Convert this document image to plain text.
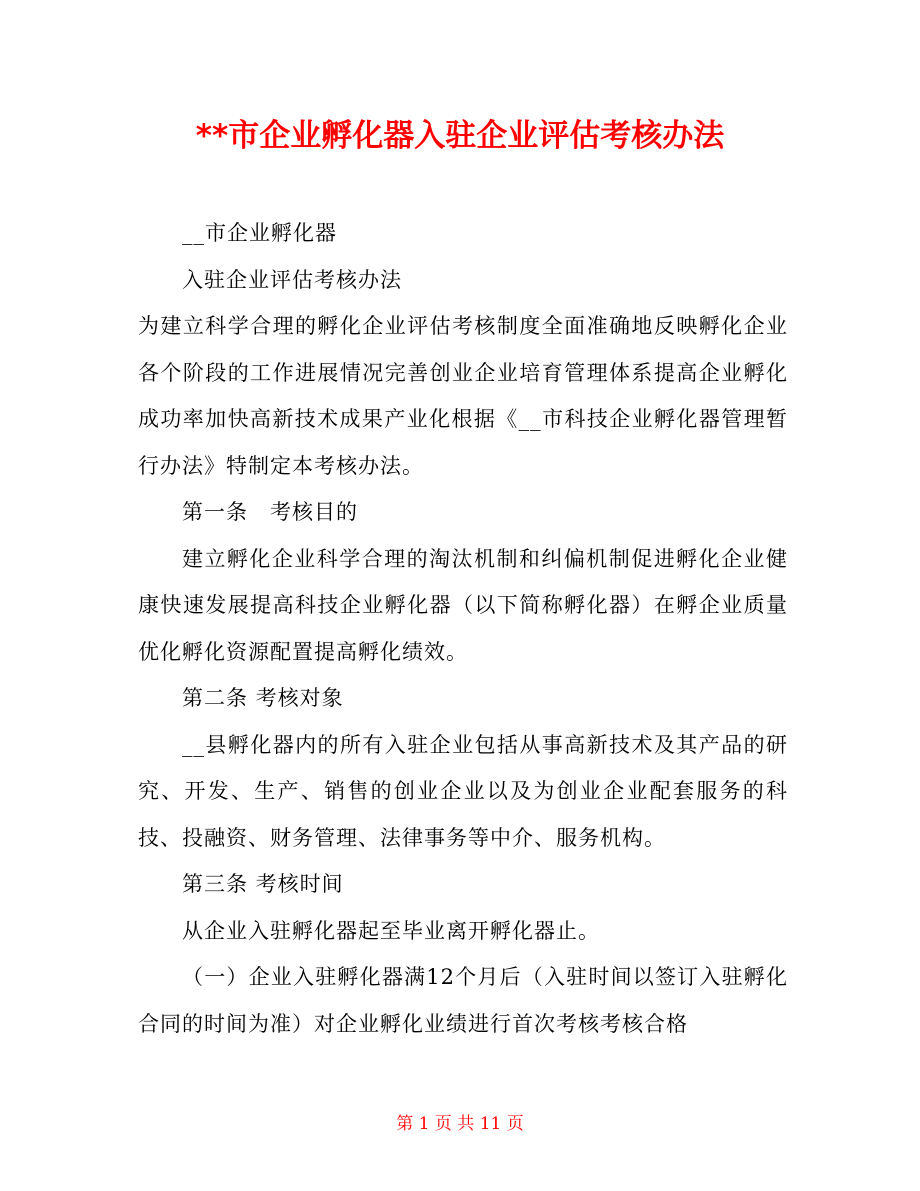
**市企业孵化器入驻企业评估考核办法

__市企业孵化器

入驻企业评估考核办法

为建立科学合理的孵化企业评估考核制度全面准确地反映孵化企业各个阶段的工作进展情况完善创业企业培育管理体系提高企业孵化成功率加快高新技术成果产业化根据《__市科技企业孵化器管理暂行办法》特制定本考核办法。

第一条　考核目的

建立孵化企业科学合理的淘汰机制和纠偏机制促进孵化企业健康快速发展提高科技企业孵化器（以下简称孵化器）在孵企业质量优化孵化资源配置提高孵化绩效。

第二条 考核对象

__县孵化器内的所有入驻企业包括从事高新技术及其产品的研究、开发、生产、销售的创业企业以及为创业企业配套服务的科技、投融资、财务管理、法律事务等中介、服务机构。

第三条 考核时间

从企业入驻孵化器起至毕业离开孵化器止。

（一）企业入驻孵化器满12个月后（入驻时间以签订入驻孵化合同的时间为准）对企业孵化业绩进行首次考核考核合格

第 1 页 共 11 页
